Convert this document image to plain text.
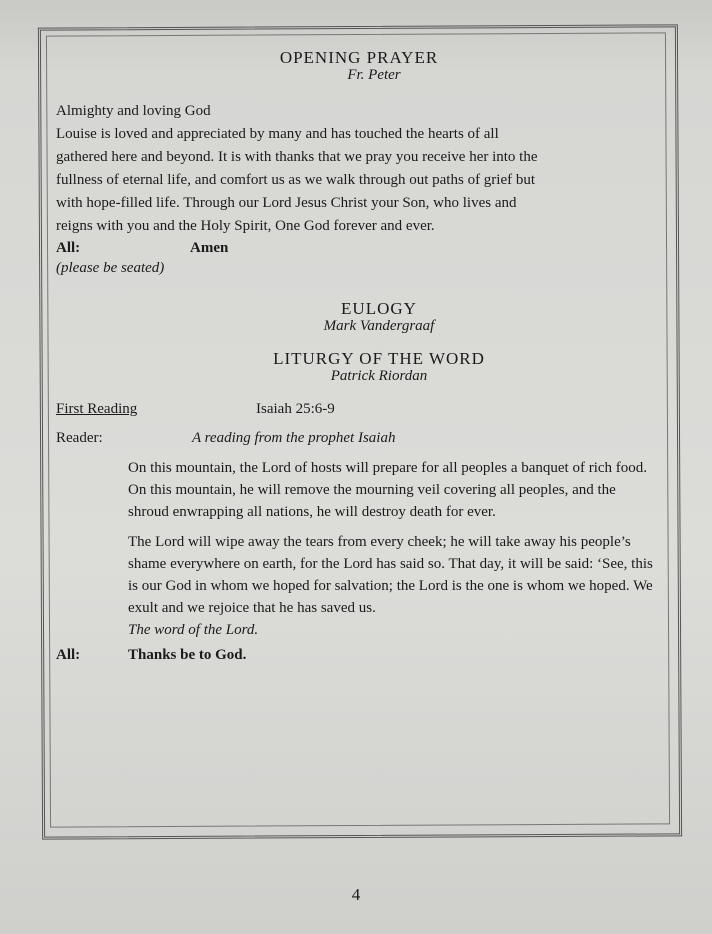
OPENING PRAYER
Fr. Peter

Almighty and loving God

Louise is loved and appreciated by many and has touched the hearts of all

gathered here and beyond. It is with thanks that we pray you receive her into the

fullness of eternal life, and comfort us as we walk through out paths of grief but

with hope-filled life. Through our Lord Jesus Christ your Son, who lives and

reigns with you and the Holy Spirit, One God forever and ever.

All:	Amen
(please be seated)
EULOGY
Mark Vandergraaf
LITURGY OF THE WORD
Patrick Riordan
First Reading	Isaiah 25:6-9
Reader:	A reading from the prophet Isaiah

On this mountain, the Lord of hosts will prepare for all peoples a banquet of rich food. On this mountain, he will remove the mourning veil covering all peoples, and the shroud enwrapping all nations, he will destroy death for ever.

The Lord will wipe away the tears from every cheek; he will take away his people’s shame everywhere on earth, for the Lord has said so. That day, it will be said: ‘See, this is our God in whom we hoped for salvation; the Lord is the one is whom we hoped. We exult and we rejoice that he has saved us.

The word of the Lord.
All:	Thanks be to God.
4
